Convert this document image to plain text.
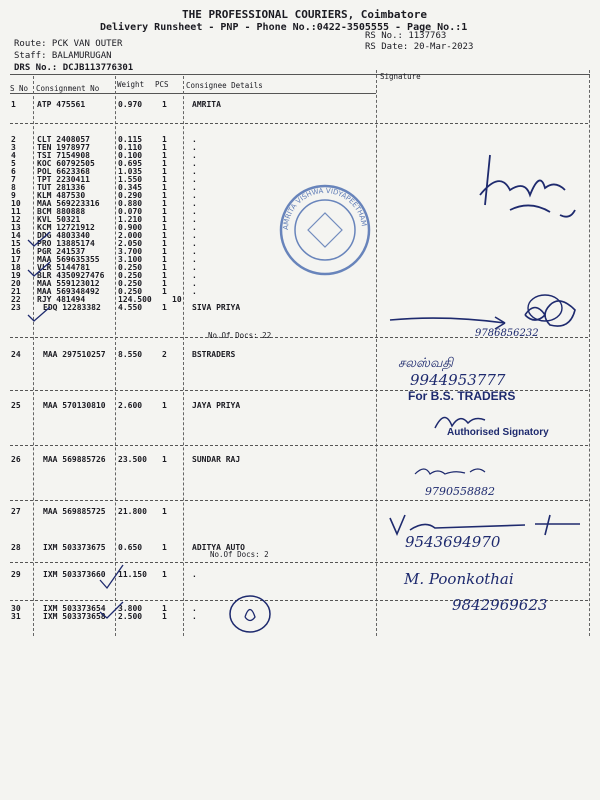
THE PROFESSIONAL COURIERS, Coimbatore
Delivery Runsheet - PNP - Phone No.:0422-3505555 - Page No.:1
Route: PCK VAN OUTER
Staff: BALAMURUGAN
DRS No.: DCJB113776301
RS No.: 1137763
RS Date: 20-Mar-2023
S No Consignment No Weight PCS Consignee Details
Signature
1	ATP 475561	0.970 1	AMRITA
2	CLT 2408057	0.115 1	.
3	TEN 1978977	0.110 1	.
4	TSI 7154908	0.100 1	.
5	KOC 60792505	0.695 1	.
6	POL 6623368	1.035 1	.
7	TPT 2230411	1.550 1	.
8	TUT 281336	0.345 1	.
9	KLM 487530	0.290 1	.
10 MAA 569223316 0.880 1	.
11 BCM 880888	0.070 1	.
12 KVL 50321	1.210 1	.
13 KCM 12721912	0.900 1	.
14 DDG 4803340	2.000 1	.
15 PRO 13885174	2.050 1	.
16 PGR 241537	3.700 1	.
17 MAA 569635355 3.100 1	.
18 VLR 5144781	0.250 1	.
19 BLR 4350927476 0.250 1	.
20 MAA 559123012 0.250 1	.
21 MAA 569348492 0.250 1	.
22 RJY 481494	124.500	10
23	EDQ 12283382 4.550 1	SIVA PRIYA
24	MAA 297510257 8.550 2	BSTRADERS
25	MAA 570130810 2.600 1	JAYA PRIYA
26	MAA 569885726 23.500 1	SUNDAR RAJ
27	MAA 569885725 21.800 1
28	IXM 503373675 0.650 1	ADITYA AUTO
29	IXM 503373660 11.150 1	.
30	IXM 503373654 3.800 1	.
31	IXM 503373658 2.500 1	.
No.Of Docs: 22
No.Of Docs: 2
AMRITA VISHWA VIDYAPEETHAM
9786856232
சலஸ்வதி
9944953777
For B.S. TRADERS
Authorised Signatory
9790558882
9543694970
M. Poonkothai
9842969623
